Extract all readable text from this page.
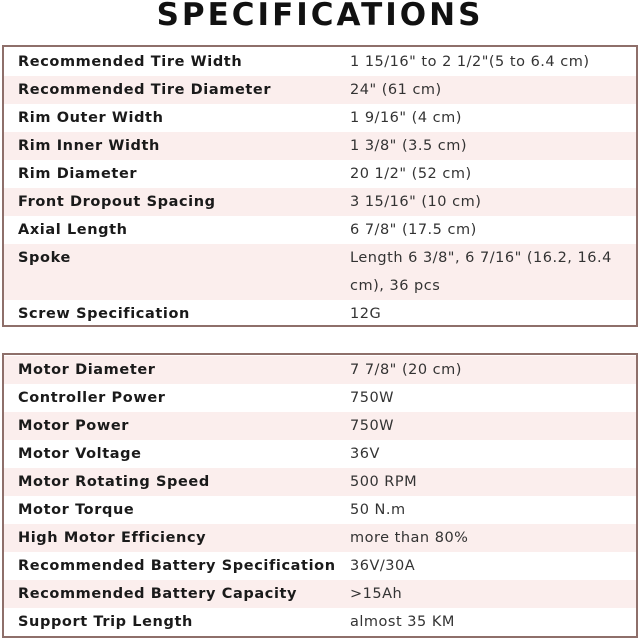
SPECIFICATIONS
Recommended Tire Width	1 15/16" to 2 1/2"(5 to 6.4 cm)
Recommended Tire Diameter	24" (61 cm)
Rim Outer Width	1 9/16" (4 cm)
Rim Inner Width	1 3/8" (3.5 cm)
Rim Diameter	20 1/2" (52 cm)
Front Dropout Spacing	3 15/16" (10 cm)
Axial Length	6 7/8" (17.5 cm)
Spoke	Length 6 3/8", 6 7/16" (16.2, 16.4 cm), 36 pcs
Screw Specification	12G
Motor Diameter	7 7/8" (20 cm)
Controller Power	750W
Motor Power	750W
Motor Voltage	36V
Motor Rotating Speed	500 RPM
Motor Torque	50 N.m
High Motor Efficiency	more than 80%
Recommended Battery Specification 36V/30A
Recommended Battery Capacity	>15Ah
Support Trip Length	almost 35 KM
